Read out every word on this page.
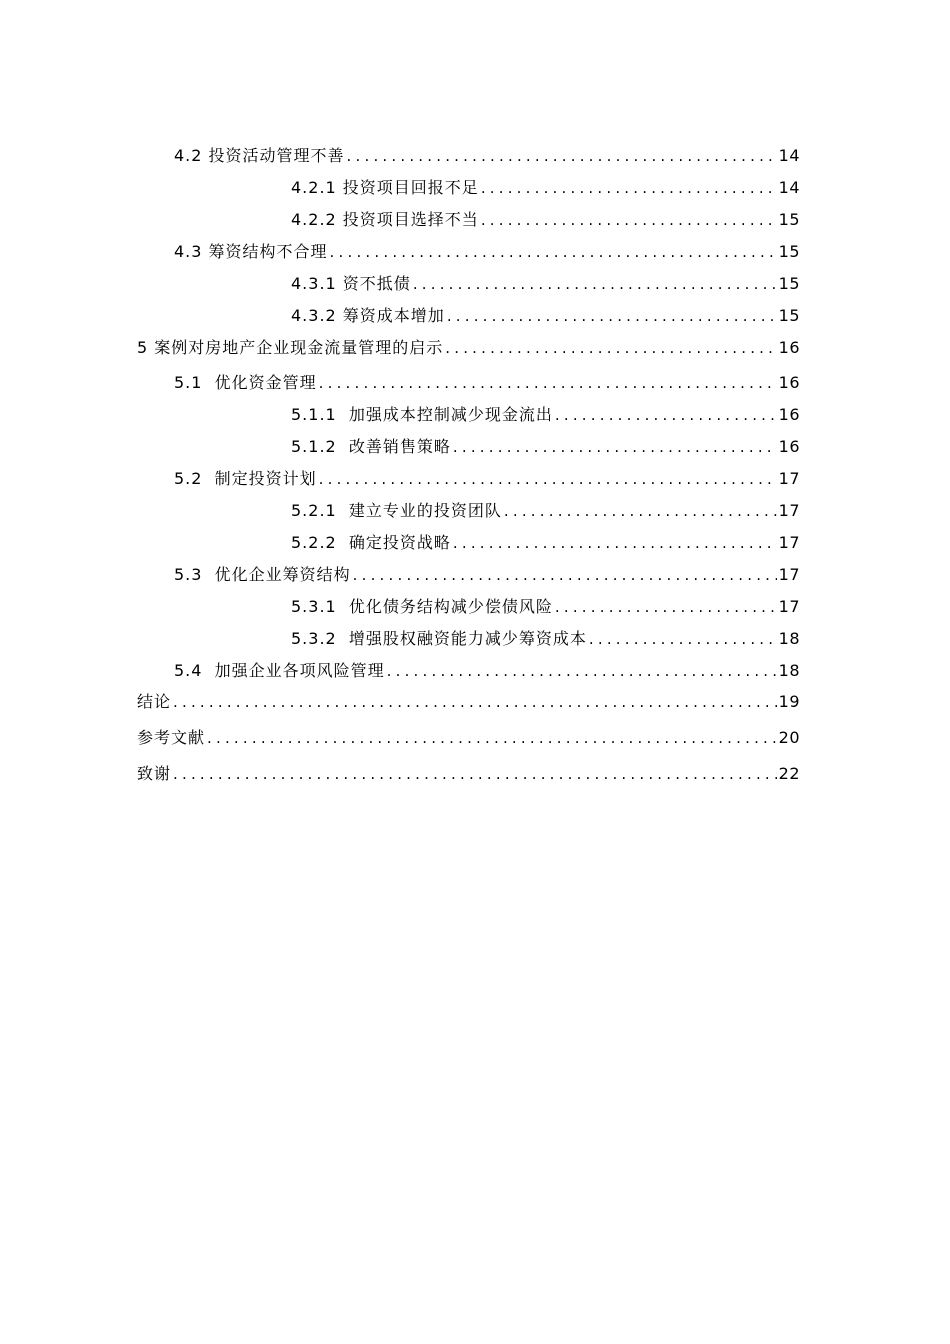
4.2 投资活动管理不善 .....	14
4.2.1 投资项目回报不足 .....	14
4.2.2 投资项目选择不当 .....	15
4.3 筹资结构不合理 .....	15
4.3.1 资不抵债 .....	15
4.3.2 筹资成本增加 .....	15
5 案例对房地产企业现金流量管理的启示 .....	16
5.1 优化资金管理 .....	16
5.1.1 加强成本控制减少现金流出 .....	16
5.1.2 改善销售策略 .....	16
5.2 制定投资计划 .....	17
5.2.1 建立专业的投资团队 .....	17
5.2.2 确定投资战略 .....	17
5.3 优化企业筹资结构 .....	17
5.3.1 优化债务结构减少偿债风险 .....	17
5.3.2 增强股权融资能力减少筹资成本 .....	18
5.4 加强企业各项风险管理 .....	18
结论 .....	19
参考文献 .....	20
致谢 .....	22
